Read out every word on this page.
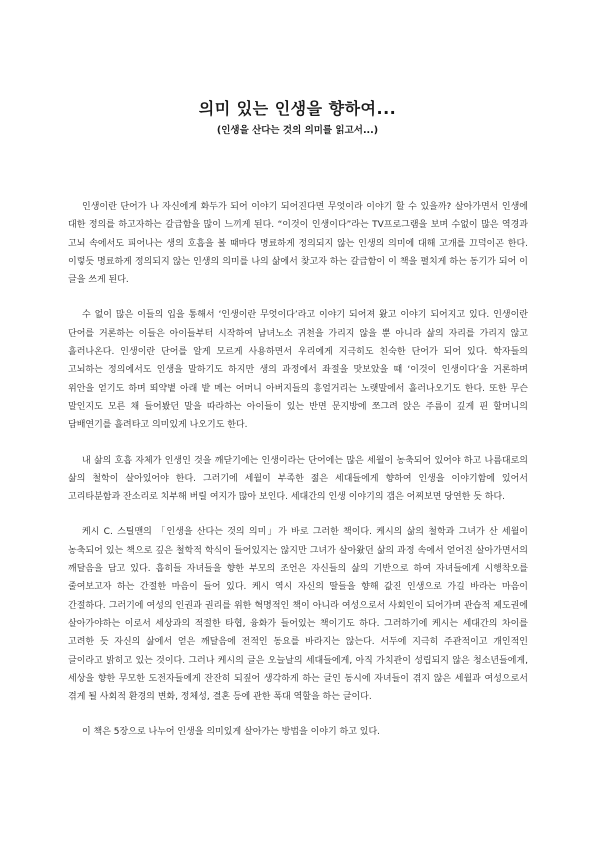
의미 있는 인생을 향하여...
(인생을 산다는 것의 의미를 읽고서...)

인생이란 단어가 나 자신에게 화두가 되어 이야기 되어진다면 무엇이라 이야기 할 수 있을까? 살아가면서 인생에 대한 정의를 하고자하는 갈급함을 많이 느끼게 된다. “이것이 인생이다”라는 TV프로그램을 보며 수없이 많은 역경과 고뇌 속에서도 피어나는 생의 호흡을 볼 때마다 명료하게 정의되지 않는 인생의 의미에 대해 고개를 끄덕이곤 한다. 이렇듯 명료하게 정의되지 않는 인생의 의미를 나의 삶에서 찾고자 하는 갈급함이 이 책을 펼치게 하는 동기가 되어 이 글을 쓰게 된다.

수 없이 많은 이들의 입을 통해서 ‘인생이란 무엇이다’라고 이야기 되어져 왔고 이야기 되어지고 있다. 인생이란 단어를 거론하는 이들은 아이들부터 시작하여 남녀노소 귀천을 가리지 않을 뿐 아니라 삶의 자리를 가리지 않고 흘러나온다. 인생이란 단어를 알게 모르게 사용하면서 우리에게 지극히도 친숙한 단어가 되어 있다. 학자들의 고뇌하는 정의에서도 인생을 말하기도 하지만 생의 과정에서 좌절을 맛보았을 때 ‘이것이 인생이다’을 거론하며 위안을 얻기도 하며 뙤약볕 아래 밭 메는 어머니 아버지들의 흥얼거리는 노랫말에서 흘러나오기도 한다. 또한 무슨 말인지도 모른 채 들어봤던 말을 따라하는 아이들이 있는 반면 문지방에 쪼그려 앉은 주름이 깊게 핀 할머니의 담배연기를 흘려타고 의미있게 나오기도 한다.

내 삶의 호흡 자체가 인생인 것을 깨닫기에는 인생이라는 단어에는 많은 세월이 농축되어 있어야 하고 나름대로의 삶의 철학이 살아있어야 한다. 그러기에 세월이 부족한 젊은 세대들에게 향하여 인생을 이야기함에 있어서 고리타분함과 잔소리로 치부해 버릴 여지가 많아 보인다. 세대간의 인생 이야기의 갭은 어찌보면 당연한 듯 하다.

케시 C. 스틸맨의 「인생을 산다는 것의 의미」가 바로 그러한 책이다. 케시의 삶의 철학과 그녀가 산 세월이 농축되어 있는 책으로 깊은 철학적 학식이 들어있지는 않지만 그녀가 살아왔던 삶의 과정 속에서 얻어진 살아가면서의 깨달음을 담고 있다. 흡히들 자녀들을 향한 부모의 조언은 자신들의 삶의 기반으로 하여 자녀들에게 시행착오를 줄여보고자 하는 간절한 마음이 들어 있다. 케시 역시 자신의 딸들을 향해 값진 인생으로 가길 바라는 마음이 간절하다. 그러기에 여성의 인권과 권리를 위한 혁명적인 책이 아니라 여성으로서 사회인이 되어가며 관습적 제도권에 살아가야하는 이로서 세상과의 적절한 타협, 융화가 들어있는 책이기도 하다. 그러하기에 케시는 세대간의 차이를 고려한 듯 자신의 삶에서 얻은 깨달음에 전적인 동요를 바라지는 않는다. 서두에 지극히 주관적이고 개인적인 글이라고 밝히고 있는 것이다. 그러나 케시의 글은 오늘날의 세대들에게, 아직 가치관이 성립되지 않은 청소년들에게, 세상을 향한 무모한 도전자들에게 잔잔히 되짚어 생각하게 하는 글인 동시에 자녀들이 겪지 않은 세월과 여성으로서 겪게 될 사회적 환경의 변화, 정체성, 결혼 등에 관한 폭대 역할을 하는 글이다.

이 책은 5장으로 나누어 인생을 의미있게 살아가는 방법을 이야기 하고 있다.
